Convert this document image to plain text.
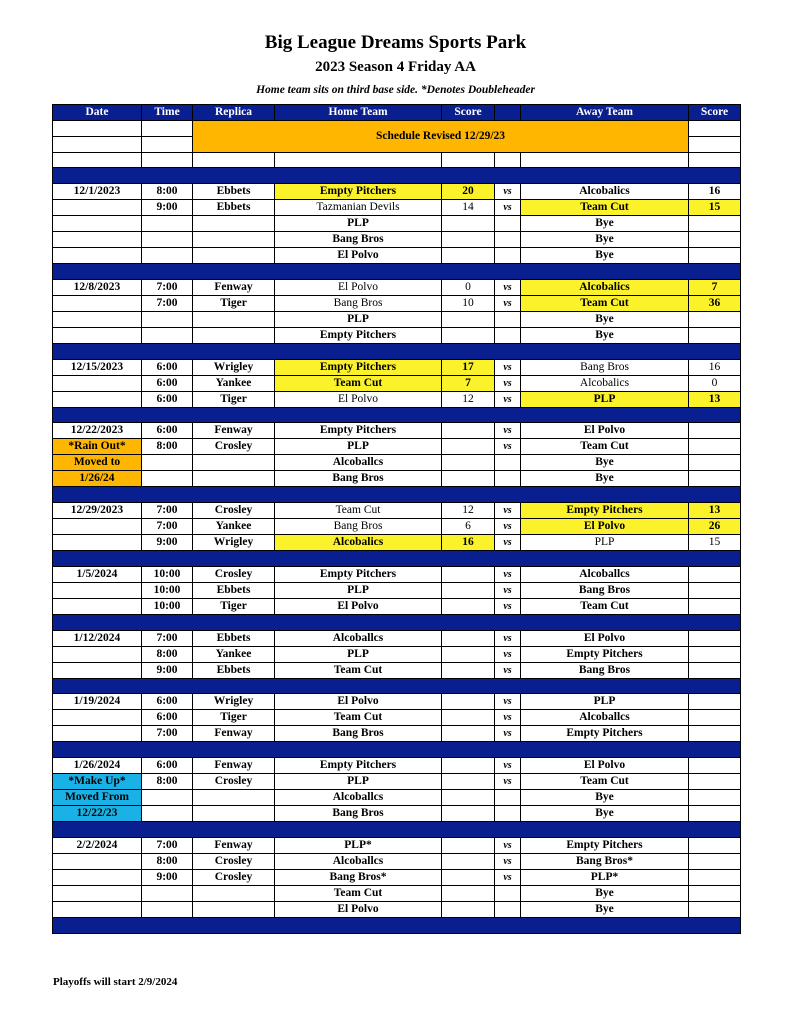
Big League Dreams Sports Park
2023 Season 4 Friday AA
Home team sits on third base side. *Denotes Doubleheader
Date	Time	Replica	Home Team	Score		Away Team	Score
		Schedule Revised 12/29/23					

12/1/2023	8:00	Ebbets	Empty Pitchers	20	vs	Alcobalics	16
	9:00	Ebbets	Tazmanian Devils	14	vs	Team Cut	15
			PLP			Bye	
			Bang Bros			Bye	
			El Polvo			Bye	

12/8/2023	7:00	Fenway	El Polvo	0	vs	Alcobalics	7
	7:00	Tiger	Bang Bros	10	vs	Team Cut	36
			PLP			Bye	
			Empty Pitchers			Bye	

12/15/2023	6:00	Wrigley	Empty Pitchers	17	vs	Bang Bros	16
	6:00	Yankee	Team Cut	7	vs	Alcobalics	0
	6:00	Tiger	El Polvo	12	vs	PLP	13

12/22/2023	6:00	Fenway	Empty Pitchers		vs	El Polvo	
*Rain Out*	8:00	Crosley	PLP		vs	Team Cut	
Moved to			Alcoballcs			Bye	
1/26/24			Bang Bros			Bye	

12/29/2023	7:00	Crosley	Team Cut	12	vs	Empty Pitchers	13
	7:00	Yankee	Bang Bros	6	vs	El Polvo	26
	9:00	Wrigley	Alcobalics	16	vs	PLP	15

1/5/2024	10:00	Crosley	Empty Pitchers		vs	Alcoballcs	
	10:00	Ebbets	PLP		vs	Bang Bros	
	10:00	Tiger	El Polvo		vs	Team Cut	

1/12/2024	7:00	Ebbets	Alcoballcs		vs	El Polvo	
	8:00	Yankee	PLP		vs	Empty Pitchers	
	9:00	Ebbets	Team Cut		vs	Bang Bros	

1/19/2024	6:00	Wrigley	El Polvo		vs	PLP	
	6:00	Tiger	Team Cut		vs	Alcoballcs	
	7:00	Fenway	Bang Bros		vs	Empty Pitchers	

1/26/2024	6:00	Fenway	Empty Pitchers		vs	El Polvo	
*Make Up*	8:00	Crosley	PLP		vs	Team Cut	
Moved From			Alcoballcs			Bye	
12/22/23			Bang Bros			Bye	

2/2/2024	7:00	Fenway	PLP*		vs	Empty Pitchers	
	8:00	Crosley	Alcoballcs		vs	Bang Bros*	
	9:00	Crosley	Bang Bros*		vs	PLP*	
			Team Cut			Bye	
			El Polvo			Bye	

Playoffs will start 2/9/2024
